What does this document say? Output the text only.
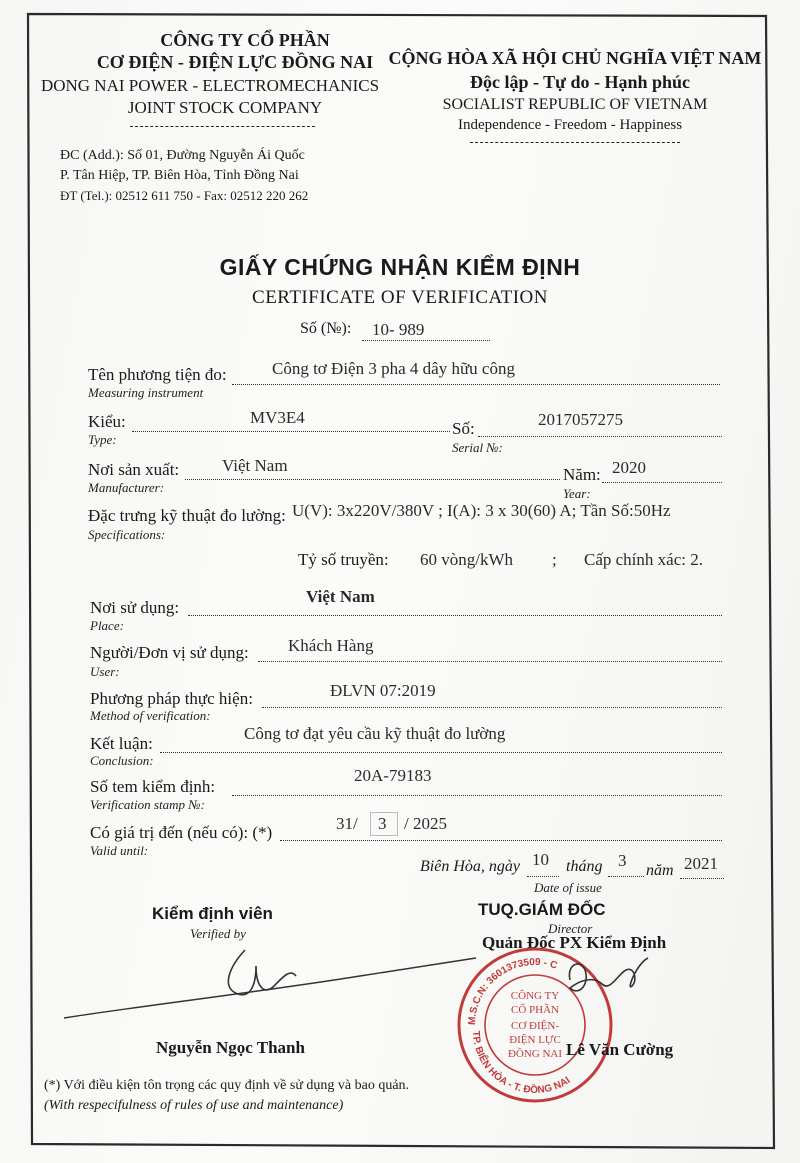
CÔNG TY CỔ PHẦN
CƠ ĐIỆN - ĐIỆN LỰC ĐỒNG NAI
DONG NAI POWER - ELECTROMECHANICS
JOINT STOCK COMPANY
ĐC (Add.): Số 01, Đường Nguyễn Ái Quốc
P. Tân Hiệp, TP. Biên Hòa, Tỉnh Đồng Nai
ĐT (Tel.): 02512 611 750 - Fax: 02512 220 262
CỘNG HÒA XÃ HỘI CHỦ NGHĨA VIỆT NAM
Độc lập - Tự do - Hạnh phúc
SOCIALIST REPUBLIC OF VIETNAM
Independence - Freedom - Happiness
GIẤY CHỨNG NHẬN KIỂM ĐỊNH
CERTIFICATE OF VERIFICATION
Số (№): 10- 989
Tên phương tiện đo:	Công tơ Điện 3 pha 4 dây hữu công
Measuring instrument
Kiểu:	MV3E4
Type:
Số:	2017057275
Serial №:
Nơi sản xuất:	Việt Nam
Manufacturer:
Năm: 2020
Year:
Đặc trưng kỹ thuật đo lường: U(V): 3x220V/380V ; I(A): 3 x 30(60) A; Tần Số:50Hz
Specifications:
Tỷ số truyền: 60 vòng/kWh ; Cấp chính xác: 2.
Nơi sử dụng:
Việt Nam
Place:
Người/Đơn vị sử dụng: Khách Hàng
User:
Phương pháp thực hiện:	ĐLVN 07:2019
Method of verification:
Kết luận:
Công tơ đạt yêu cầu kỹ thuật đo lường
Conclusion:
Số tem kiểm định:
20A-79183
Verification stamp №:
Có giá trị đến (nếu có): (*)	31/ 3 / 2025
Valid until:
Biên Hòa, ngày 10 tháng 3
năm 2021
Date of issue
Kiểm định viên
Verified by
Nguyễn Ngọc Thanh
TUQ.GIÁM ĐỐC
Director
Quản Đốc PX Kiểm Định
M.S.C.N: 3601373509 - C
TP. BIÊN HÒA - T. ĐỒNG NAI
CÔNG TY
CỔ PHẦN
CƠ ĐIỆN-
ĐIỆN LỰC
ĐỒNG NAI Lê Văn Cường
(*) Với điều kiện tôn trọng các quy định về sử dụng và bao quản.
(With respecifulness of rules of use and maintenance)
